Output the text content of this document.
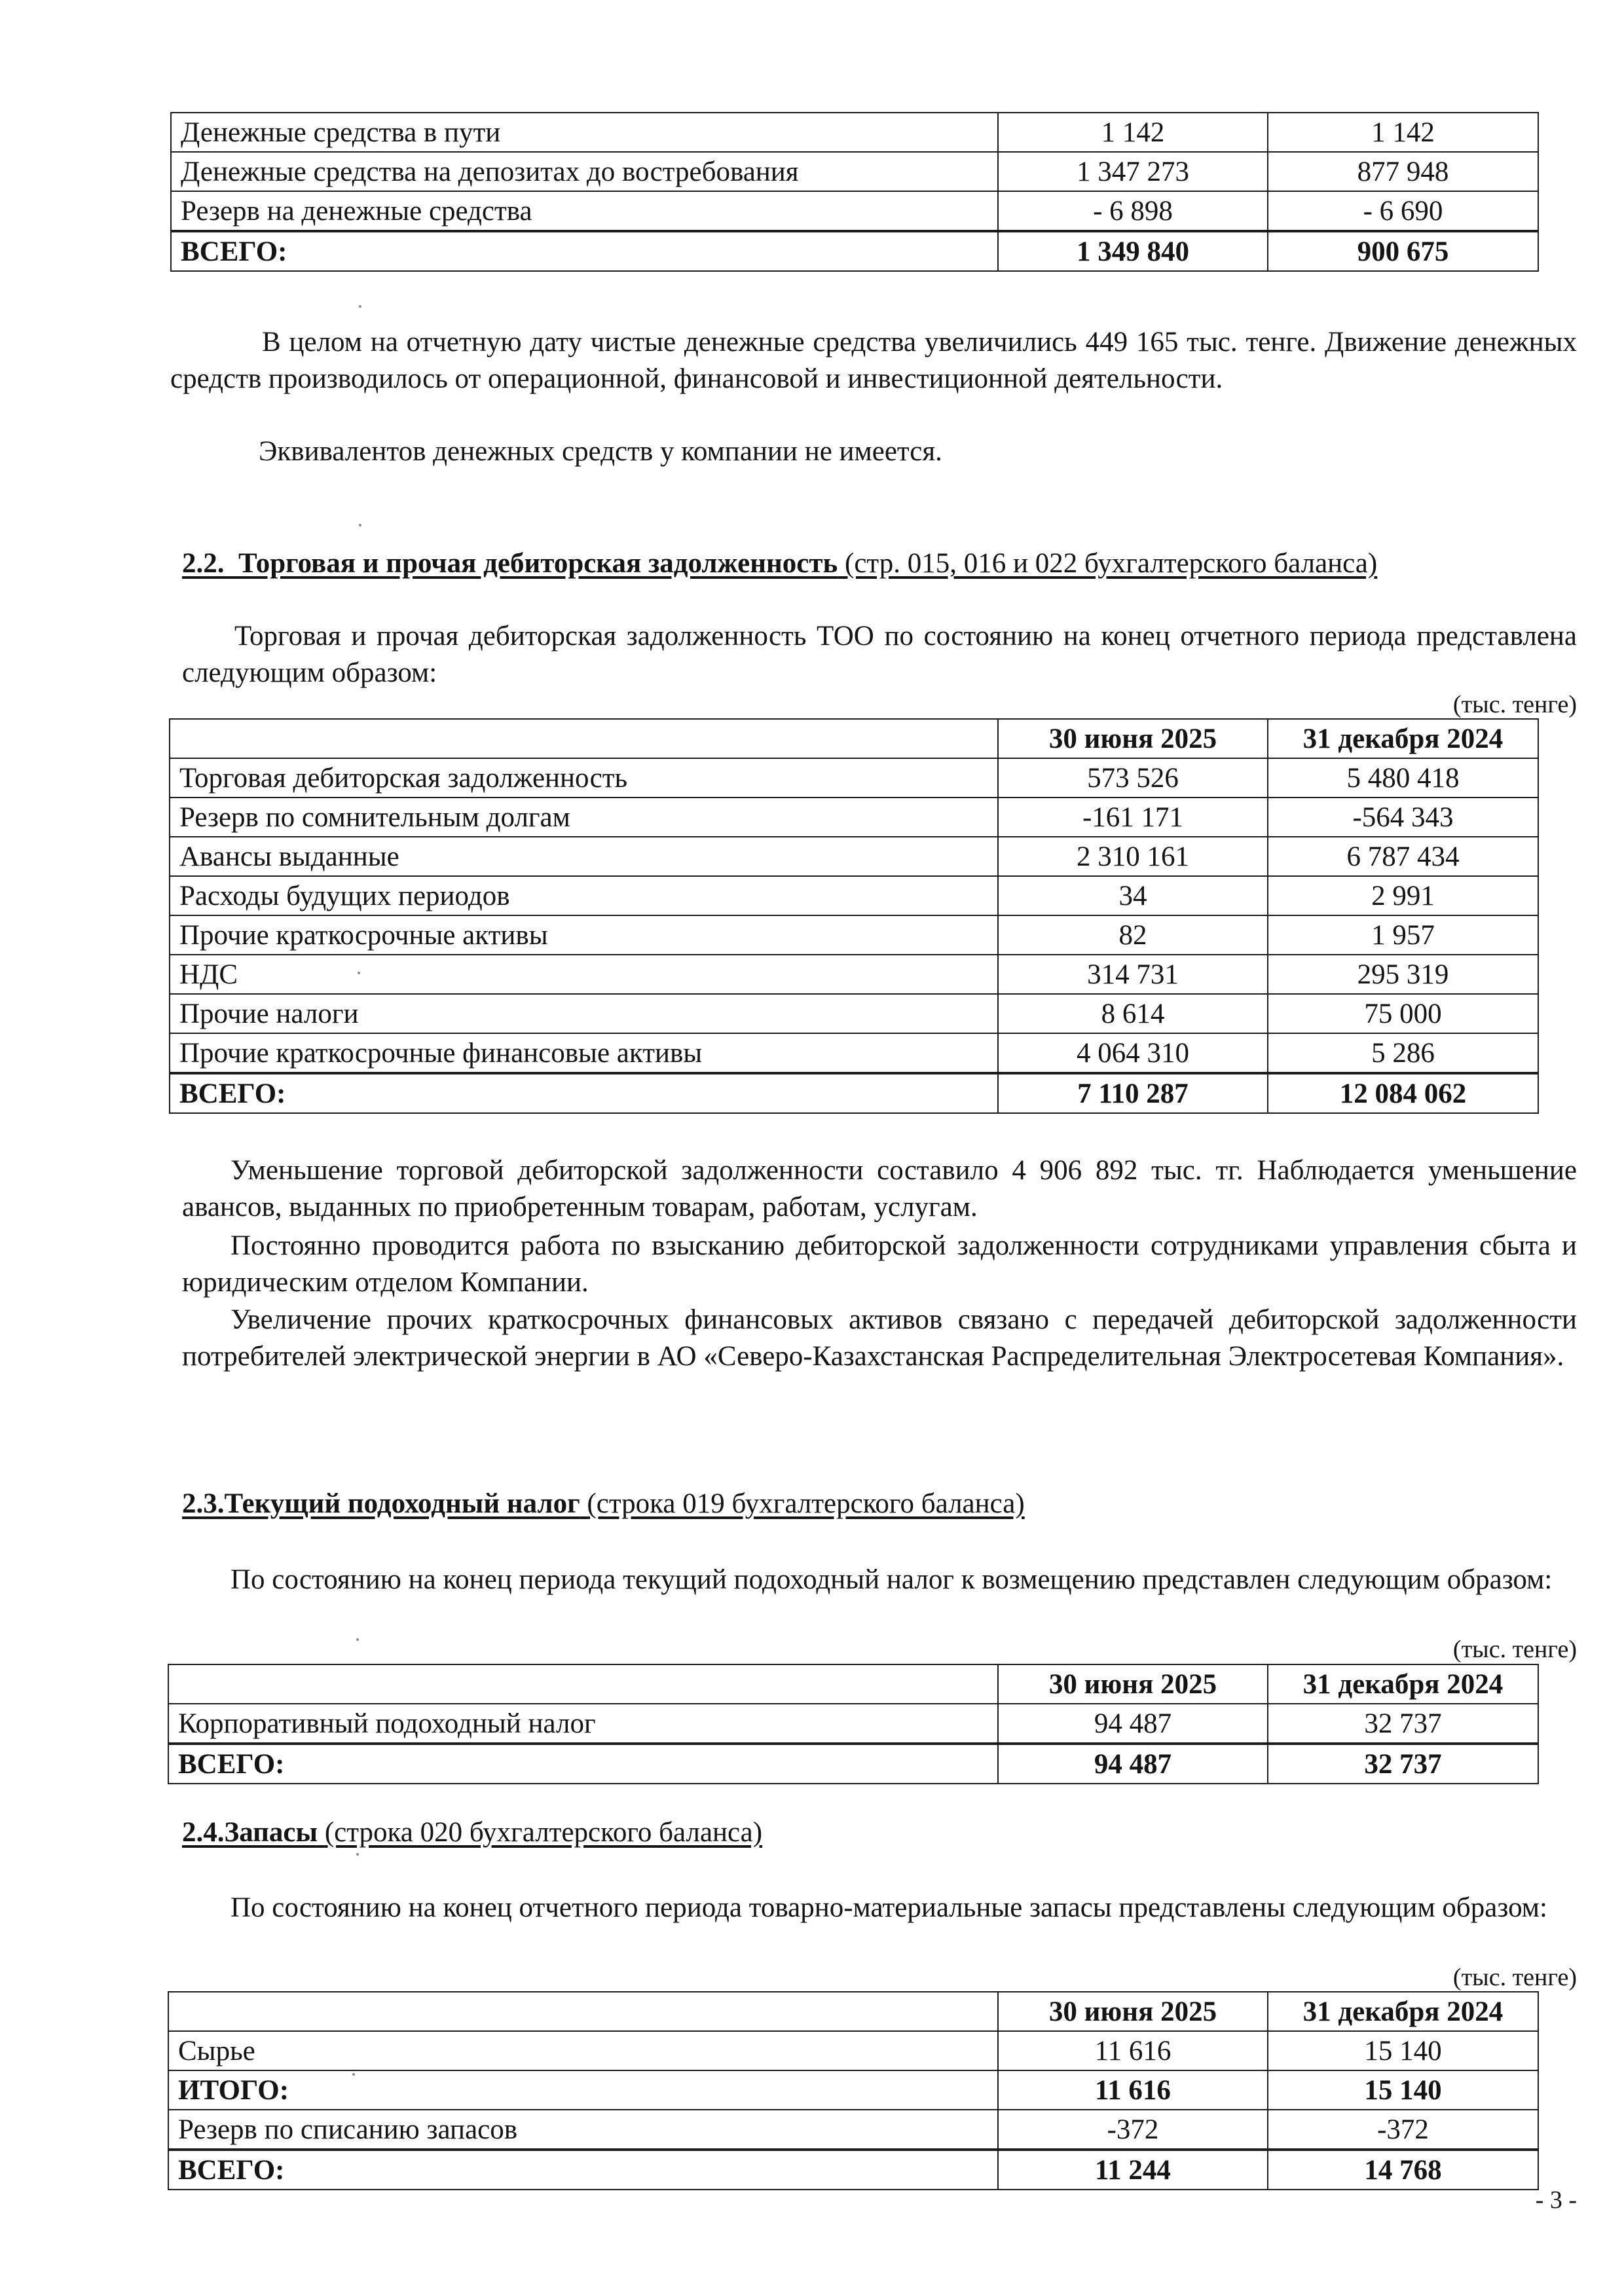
Денежные средства в пути	1 142	1 142
Денежные средства на депозитах до востребования	1 347 273	877 948
Резерв на денежные средства	- 6 898	- 6 690
ВСЕГО:	1 349 840	900 675

В целом на отчетную дату чистые денежные средства увеличились 449 165 тыс. тенге. Движение денежных средств производилось от операционной, финансовой и инвестиционной деятельности.

Эквивалентов денежных средств у компании не имеется.

2.2. Торговая и прочая дебиторская задолженность (стр. 015, 016 и 022 бухгалтерского баланса)

Торговая и прочая дебиторская задолженность ТОО по состоянию на конец отчетного периода представлена следующим образом:

(тыс. тенге)
	30 июня 2025	31 декабря 2024
Торговая дебиторская задолженность	573 526	5 480 418
Резерв по сомнительным долгам	-161 171	-564 343
Авансы выданные	2 310 161	6 787 434
Расходы будущих периодов	34	2 991
Прочие краткосрочные активы	82	1 957
НДС	314 731	295 319
Прочие налоги	8 614	75 000
Прочие краткосрочные финансовые активы	4 064 310	5 286
ВСЕГО:	7 110 287	12 084 062

Уменьшение торговой дебиторской задолженности составило 4 906 892 тыс. тг. Наблюдается уменьшение авансов, выданных по приобретенным товарам, работам, услугам.

Постоянно проводится работа по взысканию дебиторской задолженности сотрудниками управления сбыта и юридическим отделом Компании.

Увеличение прочих краткосрочных финансовых активов связано с передачей дебиторской задолженности потребителей электрической энергии в АО «Северо-Казахстанская Распределительная Электросетевая Компания».

2.3.Текущий подоходный налог (строка 019 бухгалтерского баланса)

По состоянию на конец периода текущий подоходный налог к возмещению представлен следующим образом:

(тыс. тенге)
	30 июня 2025	31 декабря 2024
Корпоративный подоходный налог	94 487	32 737
ВСЕГО:	94 487	32 737
2.4.Запасы (строка 020 бухгалтерского баланса)

По состоянию на конец отчетного периода товарно-материальные запасы представлены следующим образом:

(тыс. тенге)
	30 июня 2025	31 декабря 2024
Сырье	11 616	15 140
ИТОГО:	11 616	15 140
Резерв по списанию запасов	-372	-372
ВСЕГО:	11 244	14 768
- 3 -
